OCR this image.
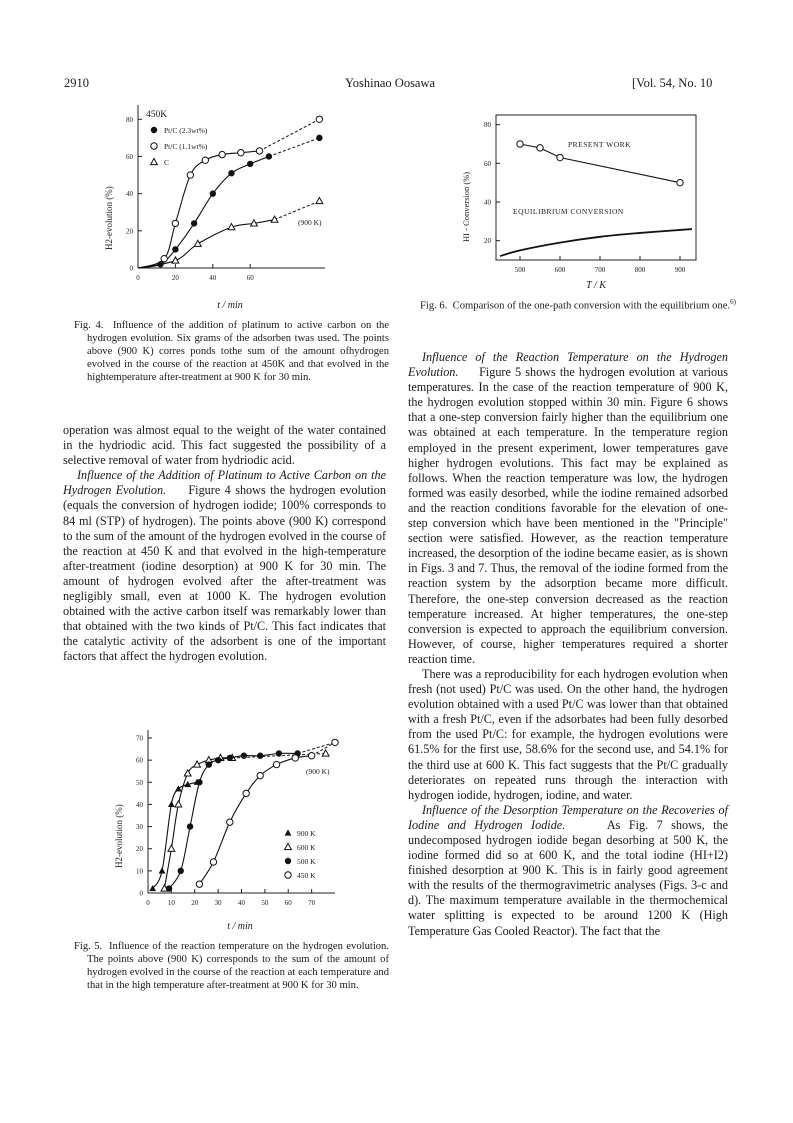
2910	Yoshinao Oosawa	[Vol. 54, No. 10
0
20
40
60
80
0	20	40	60
450K
Pt/C (2.3wt%)
Pt/C (1.1wt%)
C
(900 K)
H2-evolution (%)
t / min
Fig. 4. Influence of the addition of platinum to active carbon on the hydrogen evolution. Six grams of the adsorben twas used. The points above (900 K) corres ponds tothe sum of the amount ofhydrogen evolved in the course of the reaction at 450K and that evolved in the hightemperature after-treatment at 900 K for 30 min.

operation was almost equal to the weight of the water contained in the hydriodic acid. This fact suggested the possibility of a selective removal of water from hydriodic acid.

Influence of the Addition of Platinum to Active Carbon on the Hydrogen Evolution. Figure 4 shows the hydrogen evolution (equals the conversion of hydrogen iodide; 100% corresponds to 84 ml (STP) of hydrogen). The points above (900 K) correspond to the sum of the amount of the hydrogen evolved in the course of the reaction at 450 K and that evolved in the high-temperature after-treatment (iodine desorption) at 900 K for 30 min. The amount of hydrogen evolved after the after-treatment was negligibly small, even at 1000 K. The hydrogen evolution obtained with the active carbon itself was remarkably lower than that obtained with the two kinds of Pt/C. This fact indicates that the catalytic activity of the adsorbent is one of the important factors that affect the hydrogen evolution.

0
10
20
30
40
50
60
70
0	10 20 30 40 50 60 70
900 K
600 K
500 K
450 K
(900 K)
H2-evolution (%)
t / min
Fig. 5. Influence of the reaction temperature on the hydrogen evolution. The points above (900 K) corresponds to the sum of the amount of hydrogen evolved in the course of the reaction at each temperature and that in the high temperature after-treatment at 900 K for 30 min.
20
40
60
80
500	600	700	800	900
HI - Conversion (%)
T / K
PRESENT WORK
EQUILIBRIUM CONVERSION
Fig. 6. Comparison of the one-path conversion with the equilibrium one.$^{6)}$

Influence of the Reaction Temperature on the Hydrogen Evolution. Figure 5 shows the hydrogen evolution at various temperatures. In the case of the reaction temperature of 900 K, the hydrogen evolution stopped within 30 min. Figure 6 shows that a one-step conversion fairly higher than the equilibrium one was obtained at each temperature. In the temperature region employed in the present experiment, lower temperatures gave higher hydrogen evolutions. This fact may be explained as follows. When the reaction temperature was low, the hydrogen formed was easily desorbed, while the iodine remained adsorbed and the reaction conditions favorable for the elevation of one-step conversion which have been mentioned in the "Principle" section were satisfied. However, as the reaction temperature increased, the desorption of the iodine became easier, as is shown in Figs. 3 and 7. Thus, the removal of the iodine formed from the reaction system by the adsorption became more difficult. Therefore, the one-step conversion decreased as the reaction temperature increased. At higher temperatures, the one-step conversion is expected to approach the equilibrium conversion. However, of course, higher temperatures required a shorter reaction time.

There was a reproducibility for each hydrogen evolution when fresh (not used) Pt/C was used. On the other hand, the hydrogen evolution obtained with a used Pt/C was lower than that obtained with a fresh Pt/C, even if the adsorbates had been fully desorbed from the used Pt/C: for example, the hydrogen evolutions were 61.5% for the first use, 58.6% for the second use, and 54.1% for the third use at 600 K. This fact suggests that the Pt/C gradually deteriorates on repeated runs through the interaction with hydrogen iodide, hydrogen, iodine, and water.

Influence of the Desorption Temperature on the Recoveries of Iodine and Hydrogen Iodide.	As Fig. 7 shows, the undecomposed hydrogen iodide began desorbing at 500 K, the iodine formed did so at 600 K, and the total iodine (HI+I2) finished desorption at 900 K. This is in fairly good agreement with the results of the thermogravimetric analyses (Figs. 3-c and d). The maximum temperature available in the thermochemical water splitting is expected to be around 1200 K (High Temperature Gas Cooled Reactor). The fact that the
